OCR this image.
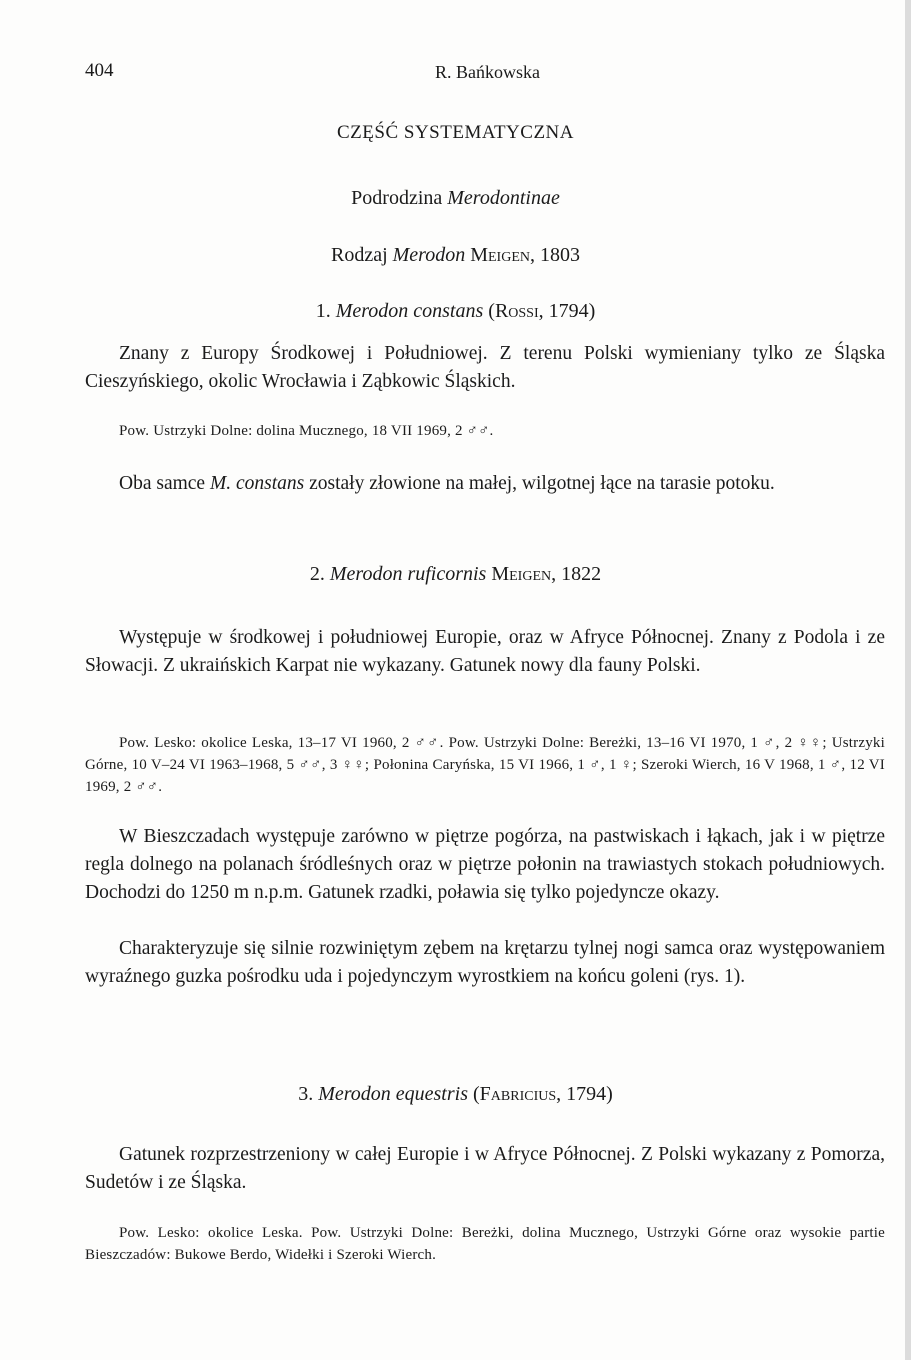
404	R. Bańkowska
CZĘŚĆ SYSTEMATYCZNA
Podrodzina Merodontinae
Rodzaj Merodon Meigen, 1803
1. Merodon constans (Rossi, 1794)

Znany z Europy Środkowej i Południowej. Z terenu Polski wymieniany tylko ze Śląska Cieszyńskiego, okolic Wrocławia i Ząbkowic Śląskich.

Pow. Ustrzyki Dolne: dolina Mucznego, 18 VII 1969, 2 ♂♂.

Oba samce M. constans zostały złowione na małej, wilgotnej łące na tarasie potoku.

2. Merodon ruficornis Meigen, 1822

Występuje w środkowej i południowej Europie, oraz w Afryce Północnej. Znany z Podola i ze Słowacji. Z ukraińskich Karpat nie wykazany. Gatunek nowy dla fauny Polski.

Pow. Lesko: okolice Leska, 13–17 VI 1960, 2 ♂♂. Pow. Ustrzyki Dolne: Bereżki, 13–16 VI 1970, 1 ♂, 2 ♀♀; Ustrzyki Górne, 10 V–24 VI 1963–1968, 5 ♂♂, 3 ♀♀; Połonina Caryńska, 15 VI 1966, 1 ♂, 1 ♀; Szeroki Wierch, 16 V 1968, 1 ♂, 12 VI 1969, 2 ♂♂.

W Bieszczadach występuje zarówno w piętrze pogórza, na pastwiskach i łąkach, jak i w piętrze regla dolnego na polanach śródleśnych oraz w piętrze połonin na trawiastych stokach południowych. Dochodzi do 1250 m n.p.m. Gatunek rzadki, poławia się tylko pojedyncze okazy.

Charakteryzuje się silnie rozwiniętym zębem na krętarzu tylnej nogi samca oraz występowaniem wyraźnego guzka pośrodku uda i pojedynczym wyrostkiem na końcu goleni (rys. 1).

3. Merodon equestris (Fabricius, 1794)

Gatunek rozprzestrzeniony w całej Europie i w Afryce Północnej. Z Polski wykazany z Pomorza, Sudetów i ze Śląska.

Pow. Lesko: okolice Leska. Pow. Ustrzyki Dolne: Bereżki, dolina Mucznego, Ustrzyki Górne oraz wysokie partie Bieszczadów: Bukowe Berdo, Widełki i Szeroki Wierch.
